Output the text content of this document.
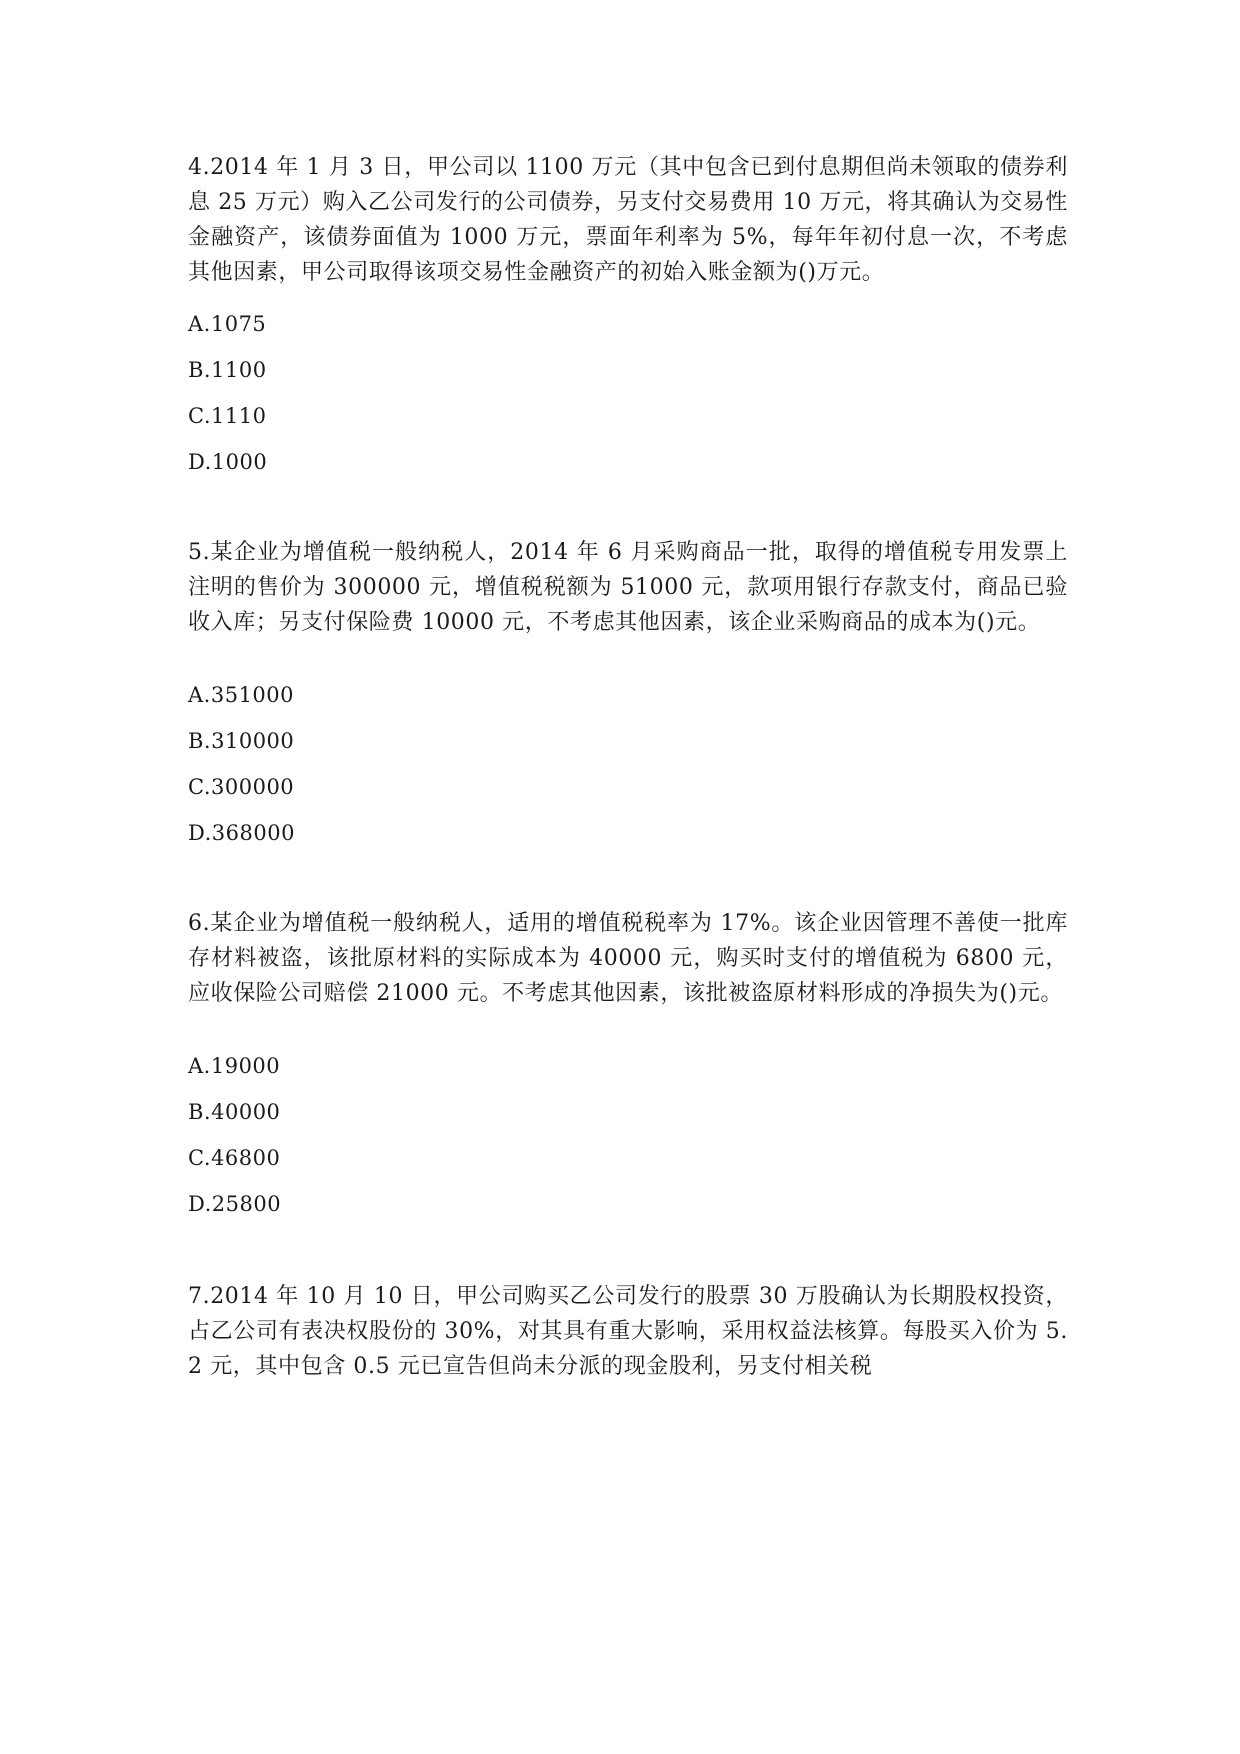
4.2014 年 1 月 3 日，甲公司以 1100 万元（其中包含已到付息期但尚未领取的债券利息 25 万元）购入乙公司发行的公司债券，另支付交易费用 10 万元，将其确认为交易性金融资产，该债券面值为 1000 万元，票面年利率为 5%，每年年初付息一次，不考虑其他因素，甲公司取得该项交易性金融资产的初始入账金额为()万元。

A.1075
B.1100
C.1110
D.1000

5.某企业为增值税一般纳税人，2014 年 6 月采购商品一批，取得的增值税专用发票上注明的售价为 300000 元，增值税税额为 51000 元，款项用银行存款支付，商品已验收入库；另支付保险费 10000 元，不考虑其他因素，该企业采购商品的成本为()元。

A.351000
B.310000
C.300000
D.368000

6.某企业为增值税一般纳税人，适用的增值税税率为 17%。该企业因管理不善使一批库存材料被盗，该批原材料的实际成本为 40000 元，购买时支付的增值税为 6800 元，应收保险公司赔偿 21000 元。不考虑其他因素，该批被盗原材料形成的净损失为()元。

A.19000
B.40000
C.46800
D.25800

7.2014 年 10 月 10 日，甲公司购买乙公司发行的股票 30 万股确认为长期股权投资，占乙公司有表决权股份的 30%，对其具有重大影响，采用权益法核算。每股买入价为 5.2 元，其中包含 0.5 元已宣告但尚未分派的现金股利，另支付相关税
